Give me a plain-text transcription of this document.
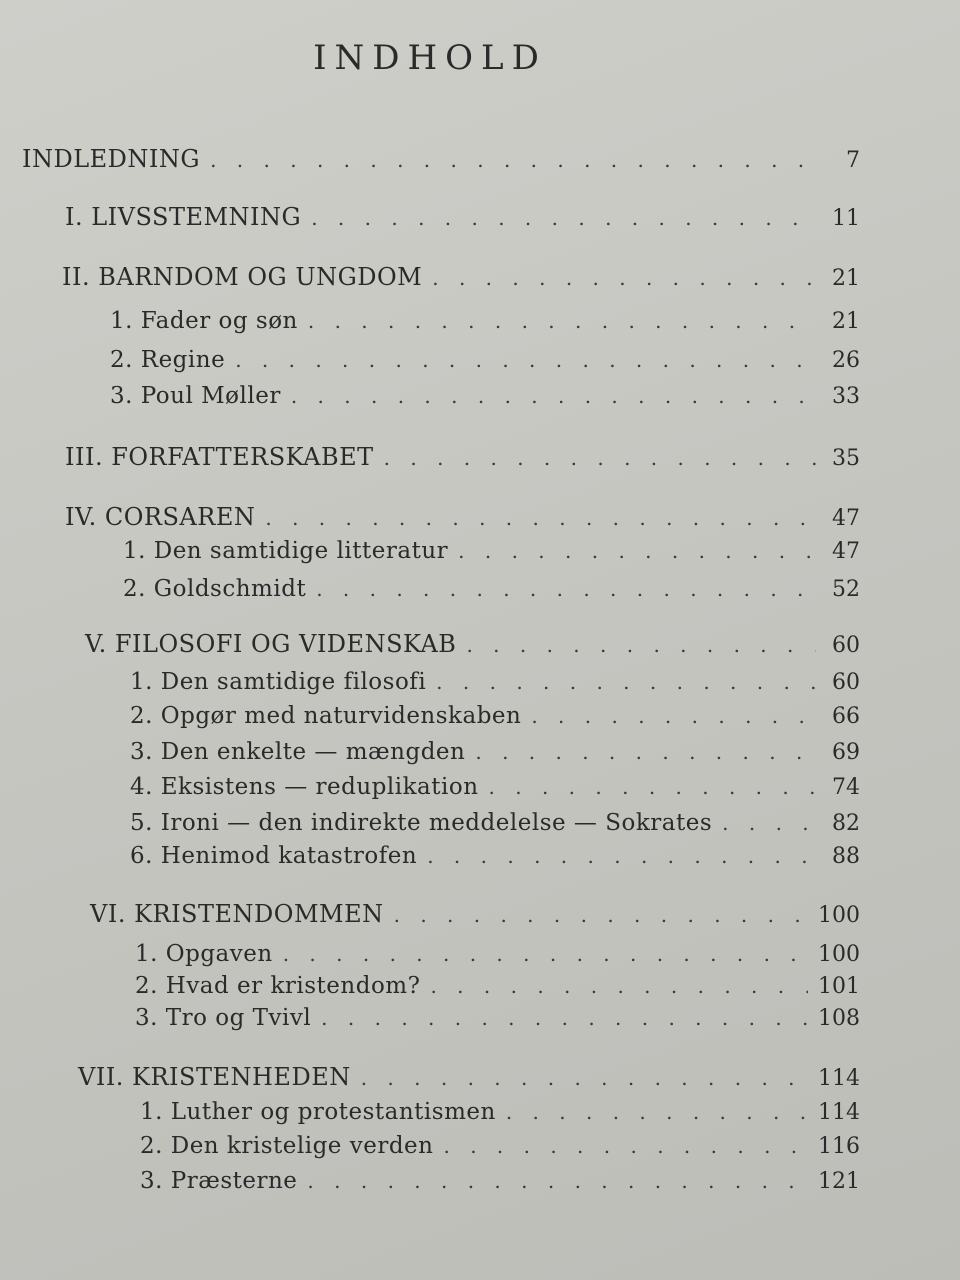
INDHOLD
INDLEDNING . . .	7
I. LIVSSTEMNING . . .	11
II. BARNDOM OG UNGDOM . . .	21
1. Fader og søn . . .	21
2. Regine . . .	26
3. Poul Møller . . .	33
III. FORFATTERSKABET . . .	35
IV. CORSAREN . . .	47
1. Den samtidige litteratur . . .	47
2. Goldschmidt . . .	52
V. FILOSOFI OG VIDENSKAB . . .	60
1. Den samtidige filosofi . . .	60
2. Opgør med naturvidenskaben . . .	66
3. Den enkelte — mængden . . .	69
4. Eksistens — reduplikation . . .	74
5. Ironi — den indirekte meddelelse — Sokrates . . .	82
6. Henimod katastrofen . . .	88
VI. KRISTENDOMMEN . . .	100
1. Opgaven . . .	100
2. Hvad er kristendom? . . .	101
3. Tro og Tvivl . . .	108
VII. KRISTENHEDEN . . .	114
1. Luther og protestantismen . . .	114
2. Den kristelige verden . . .	116
3. Præsterne . . .	121
